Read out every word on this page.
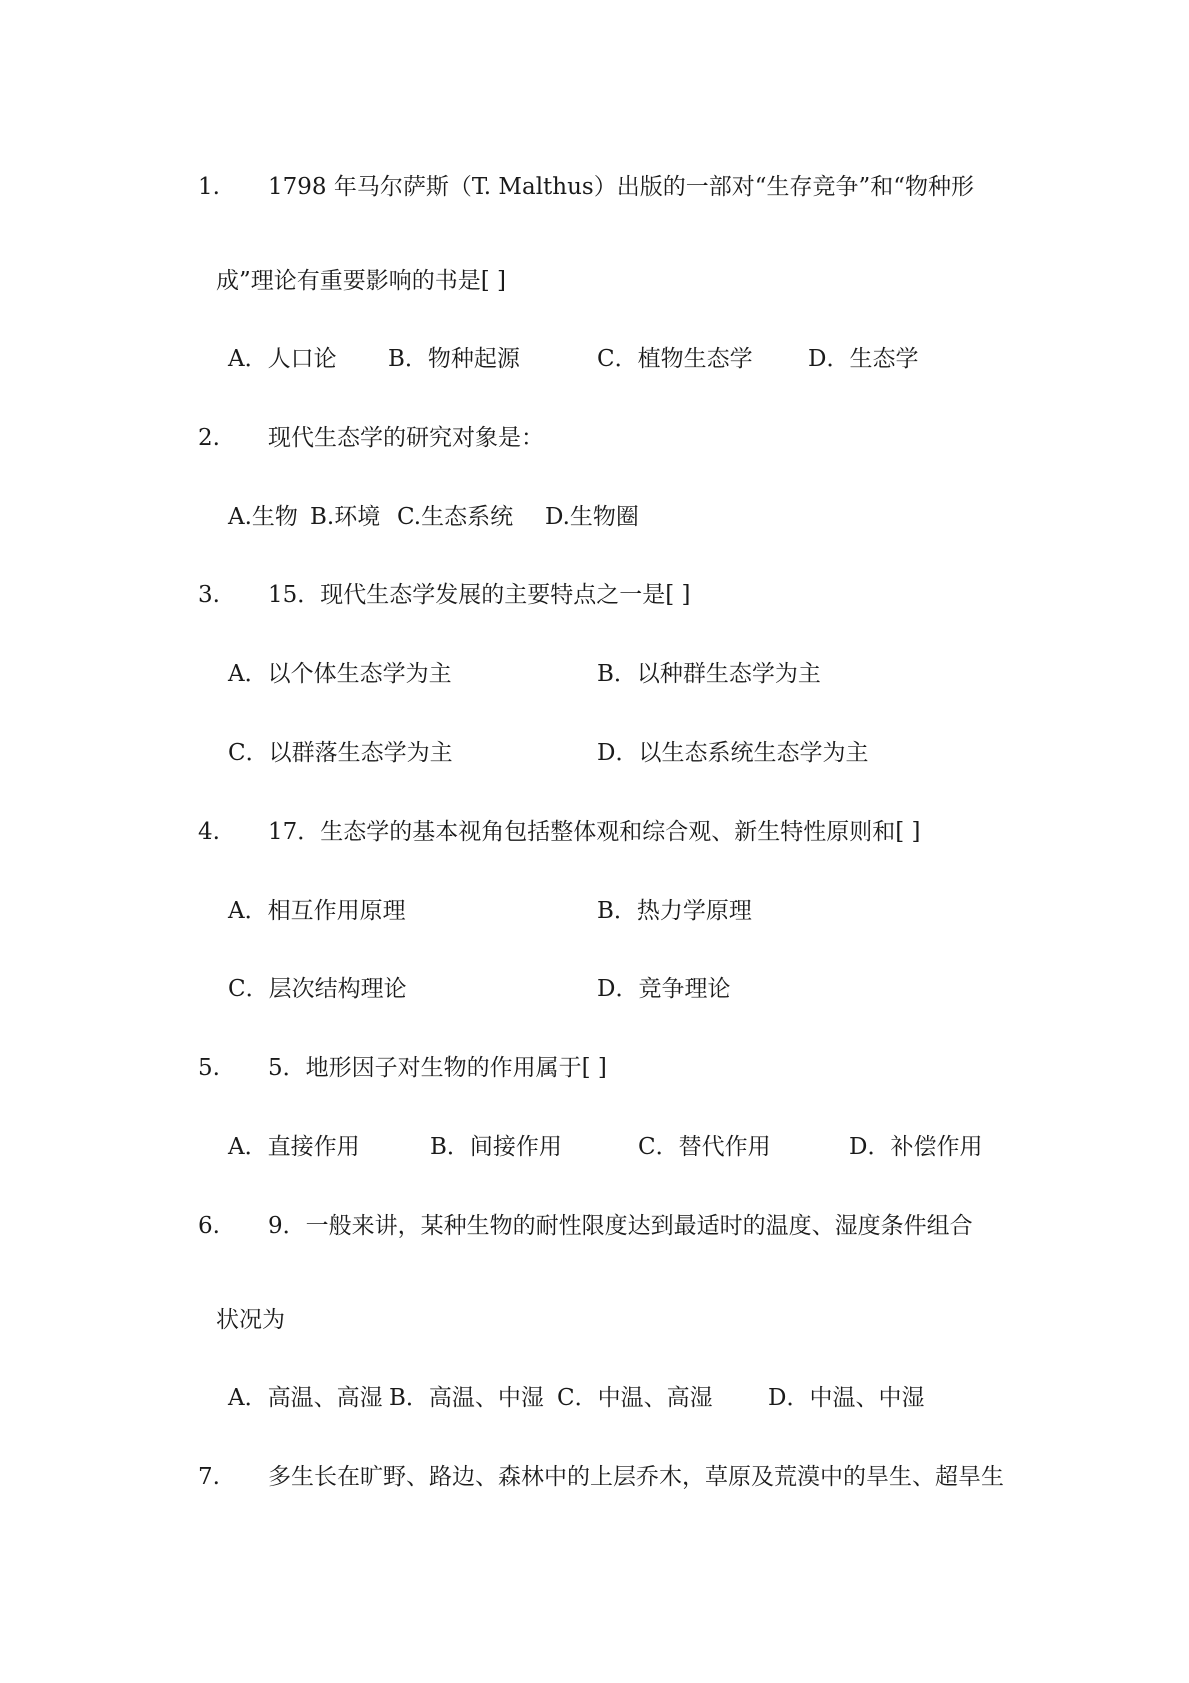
1. 1798 年马尔萨斯（T. Malthus）出版的一部对“生存竞争”和“物种形
成”理论有重要影响的书是[ ]
A．人口论 B．物种起源	C．植物生态学 D．生态学
2. 现代生态学的研究对象是：
A.生物 B.环境 C.生态系统 D.生物圈
3. 15．现代生态学发展的主要特点之一是[ ]
A．以个体生态学为主	B．以种群生态学为主
C．以群落生态学为主	D．以生态系统生态学为主
4. 17．生态学的基本视角包括整体观和综合观、新生特性原则和[ ]
A．相互作用原理	B．热力学原理
C．层次结构理论	D．竞争理论
5. 5．地形因子对生物的作用属于[ ]
A．直接作用	B．间接作用	C．替代作用	D．补偿作用
6. 9．一般来讲，某种生物的耐性限度达到最适时的温度、湿度条件组合
状况为
A．高温、高湿 B．高温、中湿 C．中温、高湿 D．中温、中湿
7. 多生长在旷野、路边、森林中的上层乔木，草原及荒漠中的旱生、超旱生
